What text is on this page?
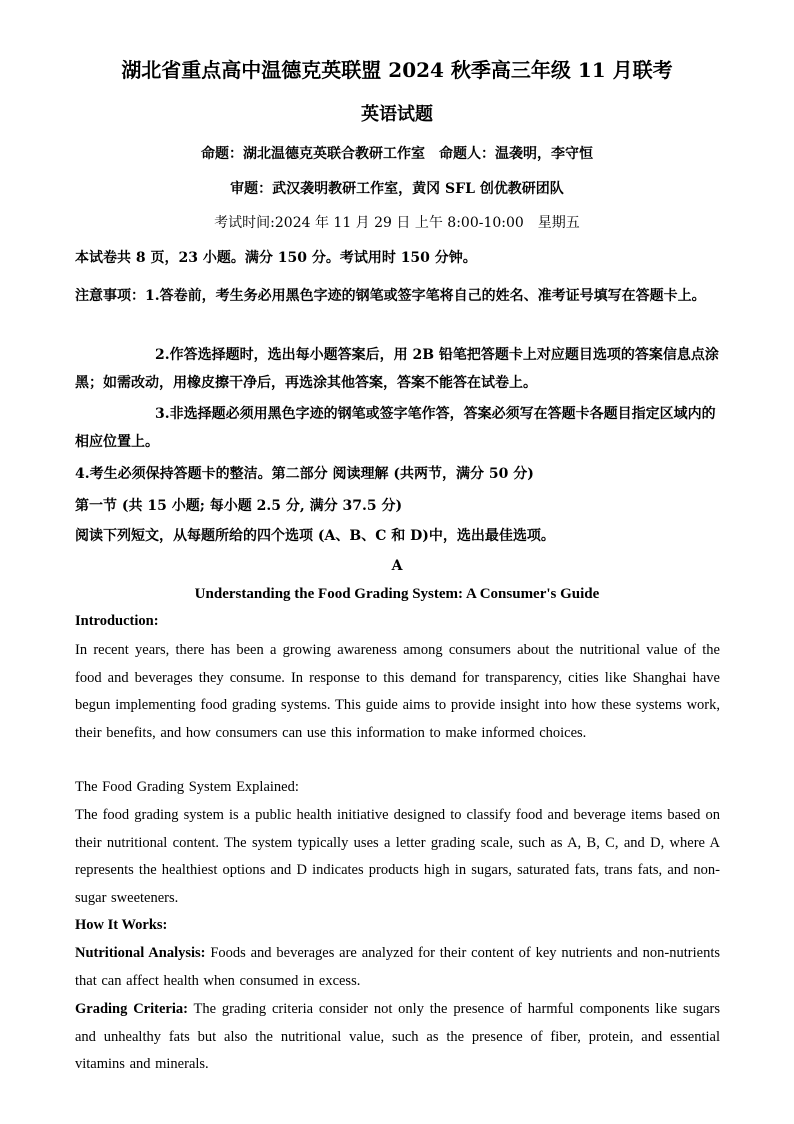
湖北省重点高中温德克英联盟 2024 秋季高三年级 11 月联考
英语试题
命题：湖北温德克英联合教研工作室　命题人：温袭明，李守恒
审题：武汉袭明教研工作室，黄冈 SFL 创优教研团队
考试时间:2024 年 11 月 29 日 上午 8:00-10:00　星期五

本试卷共 8 页，23 小题。满分 150 分。考试用时 150 分钟。

注意事项：1.答卷前，考生务必用黑色字迹的钢笔或签字笔将自己的姓名、准考证号填写在答题卡上。

2.作答选择题时，选出每小题答案后，用 2B 铅笔把答题卡上对应题目选项的答案信息点涂黑；如需改动，用橡皮擦干净后，再选涂其他答案，答案不能答在试卷上。

3.非选择题必须用黑色字迹的钢笔或签字笔作答，答案必须写在答题卡各题目指定区域内的相应位置上。

4.考生必须保持答题卡的整洁。第二部分 阅读理解 (共两节，满分 50 分)

第一节 (共 15 小题; 每小题 2.5 分, 满分 37.5 分)

阅读下列短文，从每题所给的四个选项 (A、B、C 和 D)中，选出最佳选项。

A
Understanding the Food Grading System: A Consumer's Guide

Introduction:

In recent years, there has been a growing awareness among consumers about the nutritional value of the food and beverages they consume. In response to this demand for transparency, cities like Shanghai have begun implementing food grading systems. This guide aims to provide insight into how these systems work, their benefits, and how consumers can use this information to make informed choices.

The Food Grading System Explained:

The food grading system is a public health initiative designed to classify food and beverage items based on their nutritional content. The system typically uses a letter grading scale, such as A, B, C, and D, where A represents the healthiest options and D indicates products high in sugars, saturated fats, trans fats, and non-sugar sweeteners.

How It Works:

Nutritional Analysis: Foods and beverages are analyzed for their content of key nutrients and non-nutrients that can affect health when consumed in excess.

Grading Criteria: The grading criteria consider not only the presence of harmful components like sugars and unhealthy fats but also the nutritional value, such as the presence of fiber, protein, and essential vitamins and minerals.
